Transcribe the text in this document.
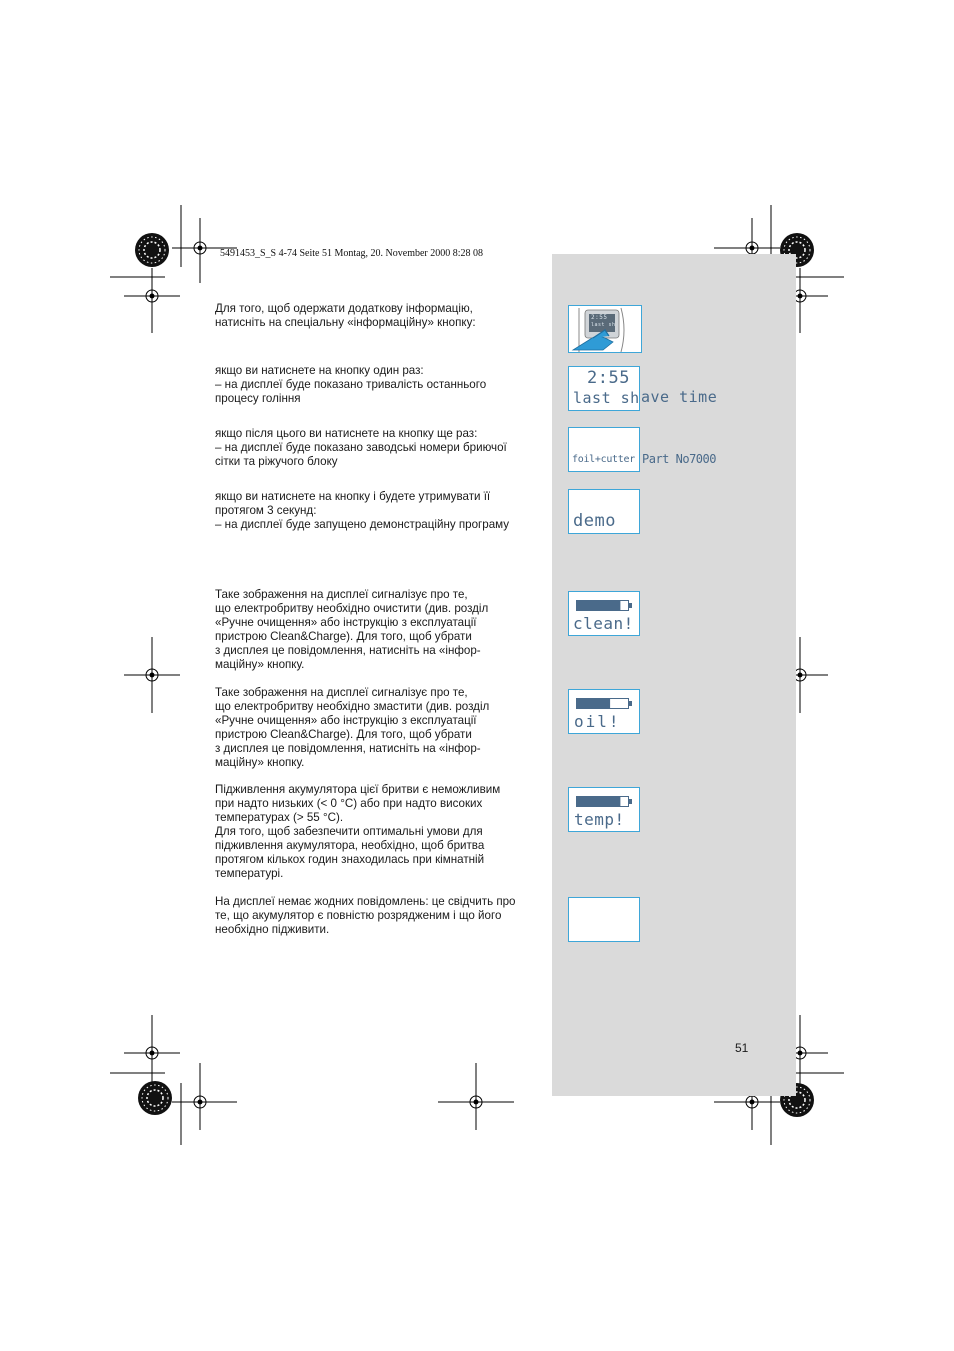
5491453_S_S 4-74 Seite 51 Montag, 20. November 2000 8:28 08
Для того, щоб одержати додаткову інформацію,
натисніть на спеціальну «інформаційну» кнопку:
якщо ви натиснете на кнопку один раз:
– на дисплеї буде показано тривалість останнього
процесу гоління
якщо після цього ви натиснете на кнопку ще раз:
– на дисплеї буде показано заводські номери бриючої
сітки та ріжучого блоку
якщо ви натиснете на кнопку і будете утримувати її
протягом 3 секунд:
– на дисплеї буде запущено демонстраційну програму
Таке зображення на дисплеї сигналізує про те,
що електробритву необхідно очистити (див. розділ
«Ручне очищення» або інструкцію з експлуатації
пристрою Clean&Charge). Для того, щоб убрати
з дисплея це повідомлення, натисніть на «інфор-
маційну» кнопку.
Таке зображення на дисплеї сигналізує про те,
що електробритву необхідно змастити (див. розділ
«Ручне очищення» або інструкцію з експлуатації
пристрою Clean&Charge). Для того, щоб убрати
з дисплея це повідомлення, натисніть на «інфор-
маційну» кнопку.
Підживлення акумулятора цієї бритви є неможливим
при надто низьких (< 0 °C) або при надто високих
температурах (> 55 °C).
Для того, щоб забезпечити оптимальні умови для
підживлення акумулятора, необхідно, щоб бритва
протягом кількох годин знаходилась при кімнатній
температурі.
На дисплеї немає жодних повідомлень: це свідчить про
те, що акумулятор є повністю розрядженим і що його
необхідно підживити.
2:55
last sh
2:55
last sh ave time
foil+cutter Part No7000
demo
clean!
oil!
temp!
51
